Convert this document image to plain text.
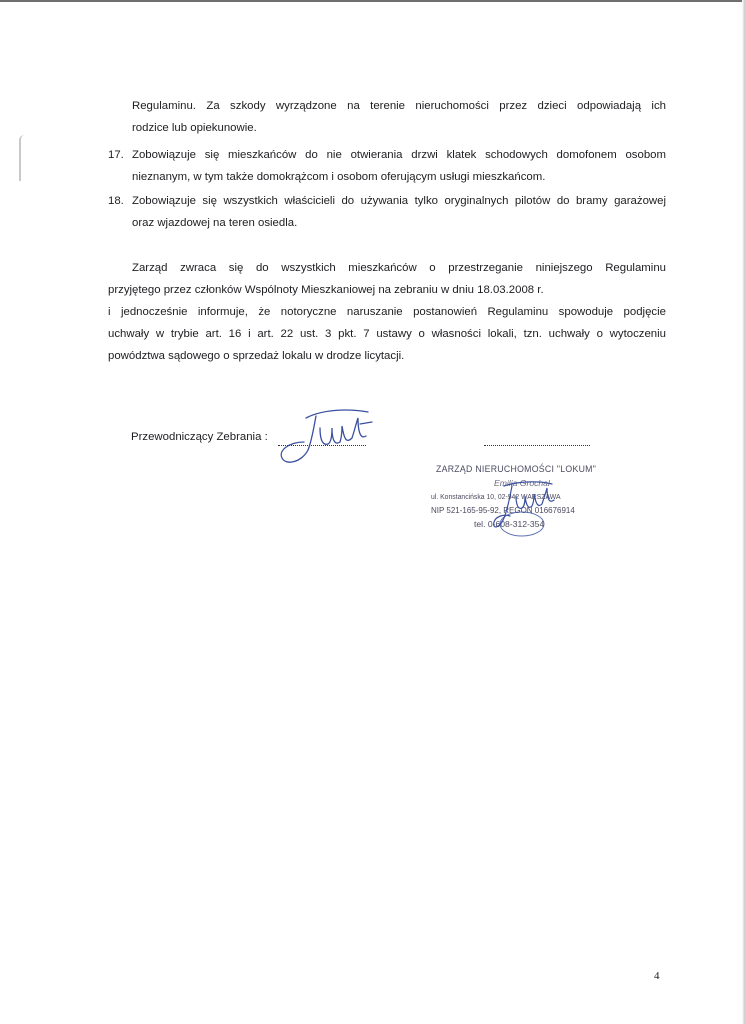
Regulaminu. Za szkody wyrządzone na terenie nieruchomości przez dzieci odpowiadają ich
rodzice lub opiekunowie.
17. Zobowiązuje się mieszkańców do nie otwierania drzwi klatek schodowych domofonem osobom
nieznanym, w tym także domokrążcom i osobom oferującym usługi mieszkańcom.
18. Zobowiązuje się wszystkich właścicieli do używania tylko oryginalnych pilotów do bramy garażowej
oraz wjazdowej na teren osiedla.
Zarząd zwraca się do wszystkich mieszkańców o przestrzeganie niniejszego Regulaminu
przyjętego przez członków Wspólnoty Mieszkaniowej na zebraniu w dniu 18.03.2008 r.
i jednocześnie informuje, że notoryczne naruszanie postanowień Regulaminu spowoduje podjęcie
uchwały w trybie art. 16 i art. 22 ust. 3 pkt. 7 ustawy o własności lokali, tzn. uchwały o wytoczeniu
powództwa sądowego o sprzedaż lokalu w drodze licytacji.
Przewodniczący Zebrania :
ZARZĄD NIERUCHOMOŚCI "LOKUM"
Emilia Grochal
ul. Konstancińska 10, 02-942 WARSZAWA
NIP 521-165-95-92, REGON 016676914
tel. 0-608-312-354
4
